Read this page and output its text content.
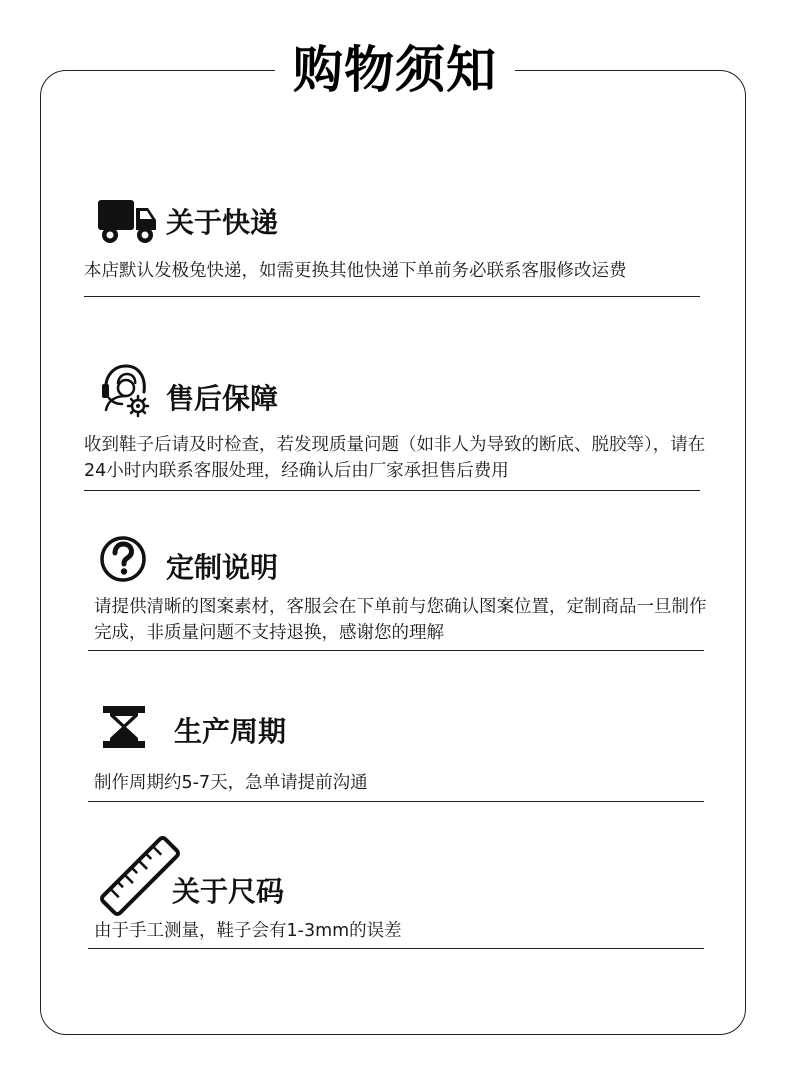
购物须知
关于快递
本店默认发极兔快递，如需更换其他快递下单前务必联系客服修改运费
售后保障
收到鞋子后请及时检查，若发现质量问题（如非人为导致的断底、脱胶等），请在 24小时内联系客服处理，经确认后由厂家承担售后费用
定制说明
请提供清晰的图案素材，客服会在下单前与您确认图案位置，定制商品一旦制作完成，非质量问题不支持退换，感谢您的理解
生产周期
制作周期约5-7天，急单请提前沟通
关于尺码
由于手工测量，鞋子会有1-3mm的误差
